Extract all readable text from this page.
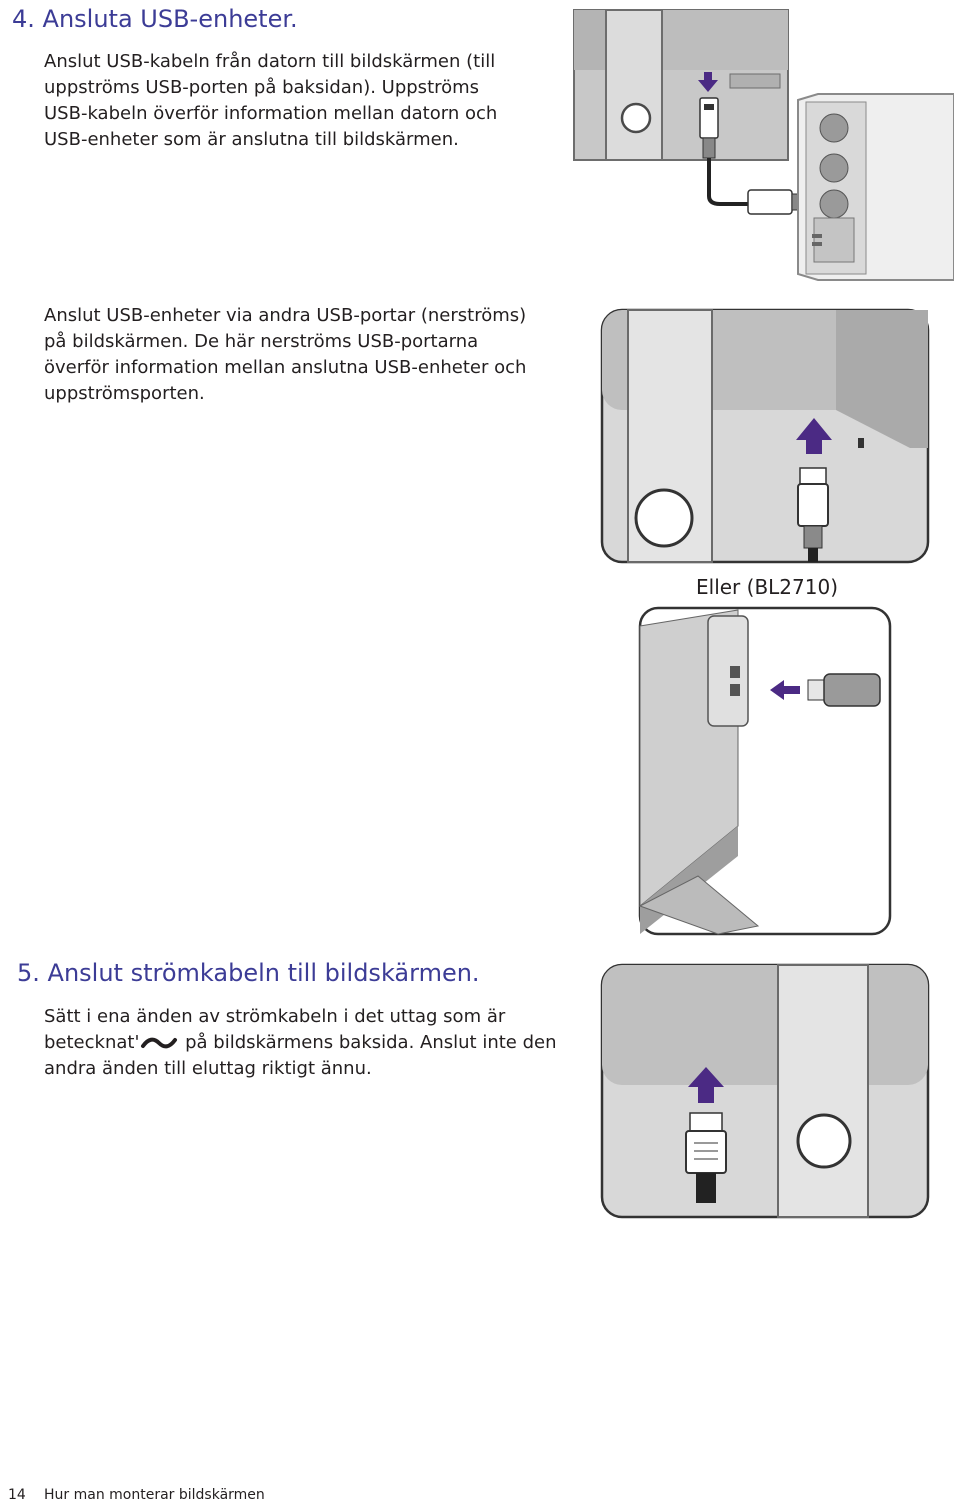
4. Ansluta USB-enheter.

Anslut USB-kabeln från datorn till bildskärmen (till

uppströms USB-porten på baksidan). Uppströms

USB-kabeln överför information mellan datorn och

USB-enheter som är anslutna till bildskärmen.

Anslut USB-enheter via andra USB-portar (nerströms)

på bildskärmen. De här nerströms USB-portarna

överför information mellan anslutna USB-enheter och

uppströmsporten.

Eller (BL2710)
5. Anslut strömkabeln till bildskärmen.

Sätt i ena änden av strömkabeln i det uttag som är

betecknat'
på bildskärmens baksida. Anslut inte den

andra änden till eluttag riktigt ännu.

14 Hur man monterar bildskärmen
